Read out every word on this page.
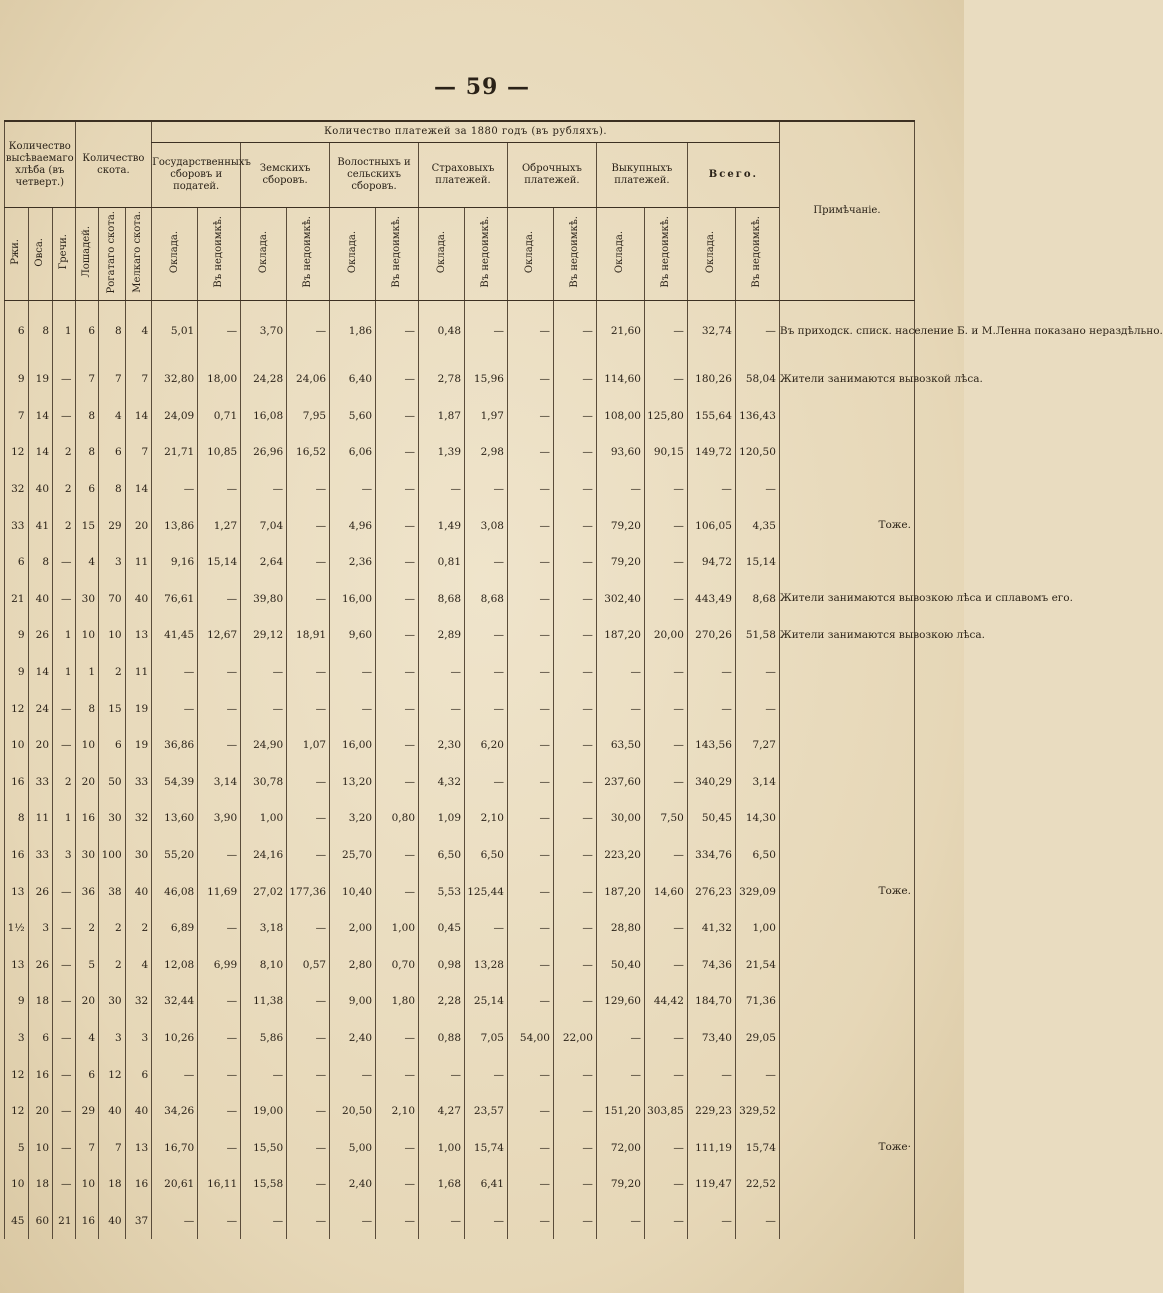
— 59 —
Количество высѣваемаго хлѣба (въ четверт.)			Количество скота.			Количество платежей за 1880 годъ (въ рубляхъ).														Примѣчаніе.
						Государственныхъ сборовъ и податей.		Земскихъ сборовъ.		Волостныхъ и сельскихъ сборовъ.		Страховыхъ платежей.		Оброчныхъ платежей.		Выкупныхъ платежей.		Всего.		
Ржи.	Овса.	Гречи.	Лошадей.	Рогатаго скота.	Мелкаго скота.	Оклада.	Въ недоимкѣ.	Оклада.	Въ недоимкѣ.	Оклада.	Въ недоимкѣ.	Оклада.	Въ недоимкѣ.	Оклада.	Въ недоимкѣ.	Оклада.	Въ недоимкѣ.	Оклада.	Въ недоимкѣ.	
6	8	1	6	8	4	5,01	—	3,70	—	1,86	—	0,48	—	—	—	21,60	—	32,74	—	Въ приходск. списк. население Б. и М.Ленна показано нераздѣльно.
9	19	—	7	7	7	32,80	18,00	24,28	24,06	6,40	—	2,78	15,96	—	—	114,60	—	180,26	58,04	Жители занимаются вывозкой лѣса.
7	14	—	8	4	14	24,09	0,71	16,08	7,95	5,60	—	1,87	1,97	—	—	108,00	125,80	155,64	136,43	
12	14	2	8	6	7	21,71	10,85	26,96	16,52	6,06	—	1,39	2,98	—	—	93,60	90,15	149,72	120,50	
32	40	2	6	8	14	—	—	—	—	—	—	—	—	—	—	—	—	—	—	
33	41	2	15	29	20	13,86	1,27	7,04	—	4,96	—	1,49	3,08	—	—	79,20	—	106,05	4,35	Тоже.
6	8	—	4	3	11	9,16	15,14	2,64	—	2,36	—	0,81	—	—	—	79,20	—	94,72	15,14	
21	40	—	30	70	40	76,61	—	39,80	—	16,00	—	8,68	8,68	—	—	302,40	—	443,49	8,68	Жители занимаются вывозкою лѣса и сплавомъ его.
9	26	1	10	10	13	41,45	12,67	29,12	18,91	9,60	—	2,89	—	—	—	187,20	20,00	270,26	51,58	Жители занимаются вывозкою лѣса.
9	14	1	1	2	11	—	—	—	—	—	—	—	—	—	—	—	—	—	—	
12	24	—	8	15	19	—	—	—	—	—	—	—	—	—	—	—	—	—	—	
10	20	—	10	6	19	36,86	—	24,90	1,07	16,00	—	2,30	6,20	—	—	63,50	—	143,56	7,27	
16	33	2	20	50	33	54,39	3,14	30,78	—	13,20	—	4,32	—	—	—	237,60	—	340,29	3,14	
8	11	1	16	30	32	13,60	3,90	1,00	—	3,20	0,80	1,09	2,10	—	—	30,00	7,50	50,45	14,30	
16	33	3	30	100	30	55,20	—	24,16	—	25,70	—	6,50	6,50	—	—	223,20	—	334,76	6,50	
13	26	—	36	38	40	46,08	11,69	27,02	177,36	10,40	—	5,53	125,44	—	—	187,20	14,60	276,23	329,09	Тоже.
1½	3	—	2	2	2	6,89	—	3,18	—	2,00	1,00	0,45	—	—	—	28,80	—	41,32	1,00	
13	26	—	5	2	4	12,08	6,99	8,10	0,57	2,80	0,70	0,98	13,28	—	—	50,40	—	74,36	21,54	
9	18	—	20	30	32	32,44	—	11,38	—	9,00	1,80	2,28	25,14	—	—	129,60	44,42	184,70	71,36	
3	6	—	4	3	3	10,26	—	5,86	—	2,40	—	0,88	7,05	54,00	22,00	—	—	73,40	29,05	
12	16	—	6	12	6	—	—	—	—	—	—	—	—	—	—	—	—	—	—	
12	20	—	29	40	40	34,26	—	19,00	—	20,50	2,10	4,27	23,57	—	—	151,20	303,85	229,23	329,52	
5	10	—	7	7	13	16,70	—	15,50	—	5,00	—	1,00	15,74	—	—	72,00	—	111,19	15,74	Тоже·
10	18	—	10	18	16	20,61	16,11	15,58	—	2,40	—	1,68	6,41	—	—	79,20	—	119,47	22,52	
45	60	21	16	40	37	—	—	—	—	—	—	—	—	—	—	—	—	—	—	
